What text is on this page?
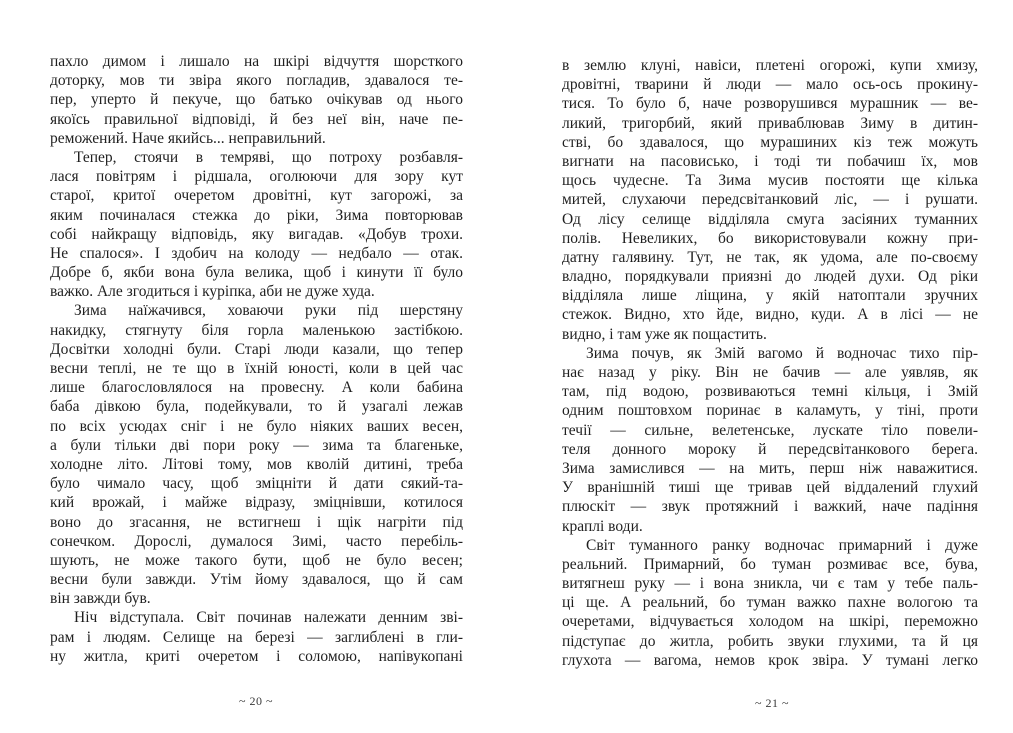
пахло димом і лишало на шкірі відчуття шорсткого
доторку, мов ти звіра якого погладив, здавалося те-
пер, уперто й пекуче, що батько очікував од нього
якоїсь правильної відповіді, й без неї він, наче пе-
реможений. Наче якийсь... неправильний.
Тепер, стоячи в темряві, що потроху розбавля-
лася повітрям і рідшала, оголюючи для зору кут
старої, критої очеретом дровітні, кут загорожі, за
яким починалася стежка до ріки, Зима повторював
собі найкращу відповідь, яку вигадав. «Добув трохи.
Не спалося». І здобич на колоду — недбало — отак.
Добре б, якби вона була велика, щоб і кинути її було
важко. Але згодиться і куріпка, аби не дуже худа.
Зима наїжачився, ховаючи руки під шерстяну
накидку, стягнуту біля горла маленькою застібкою.
Досвітки холодні були. Старі люди казали, що тепер
весни теплі, не те що в їхній юності, коли в цей час
лише благословлялося на провесну. А коли бабина
баба дівкою була, подейкували, то й узагалі лежав
по всіх усюдах сніг і не було ніяких ваших весен,
а були тільки дві пори року — зима та благеньке,
холодне літо. Літові тому, мов кволій дитині, треба
було чимало часу, щоб зміцніти й дати сякий-та-
кий врожай, і майже відразу, зміцнівши, котилося
воно до згасання, не встигнеш і щік нагріти під
сонечком. Дорослі, думалося Зимі, часто перебіль-
шують, не може такого бути, щоб не було весен;
весни були завжди. Утім йому здавалося, що й сам
він завжди був.
Ніч відступала. Світ починав належати денним зві-
рам і людям. Селище на березі — заглиблені в гли-
ну житла, криті очеретом і соломою, напівукопані
в землю клуні, навіси, плетені огорожі, купи хмизу,
дровітні, тварини й люди — мало ось-ось прокину-
тися. То було б, наче розворушився мурашник — ве-
ликий, тригорбий, який приваблював Зиму в дитин-
стві, бо здавалося, що мурашиних кіз теж можуть
вигнати на пасовисько, і тоді ти побачиш їх, мов
щось чудесне. Та Зима мусив постояти ще кілька
митей, слухаючи передсвітанковий ліс, — і рушати.
Од лісу селище відділяла смуга засіяних туманних
полів. Невеликих, бо використовували кожну при-
датну галявину. Тут, не так, як удома, але по-своєму
владно, порядкували приязні до людей духи. Од ріки
відділяла лише ліщина, у якій натоптали зручних
стежок. Видно, хто йде, видно, куди. А в лісі — не
видно, і там уже як пощастить.
Зима почув, як Змій вагомо й водночас тихо пір-
нає назад у ріку. Він не бачив — але уявляв, як
там, під водою, розвиваються темні кільця, і Змій
одним поштовхом поринає в каламуть, у тіні, проти
течії — сильне, велетенське, лускате тіло повели-
теля донного мороку й передсвітанкового берега.
Зима замислився — на мить, перш ніж наважитися.
У вранішній тиші ще тривав цей віддалений глухий
плюскіт — звук протяжний і важкий, наче падіння
краплі води.
Світ туманного ранку водночас примарний і дуже
реальний. Примарний, бо туман розмиває все, бува,
витягнеш руку — і вона зникла, чи є там у тебе паль-
ці ще. А реальний, бо туман важко пахне вологою та
очеретами, відчувається холодом на шкірі, переможно
підступає до житла, робить звуки глухими, та й ця
глухота — вагома, немов крок звіра. У тумані легко
~ 20 ~	~ 21 ~
